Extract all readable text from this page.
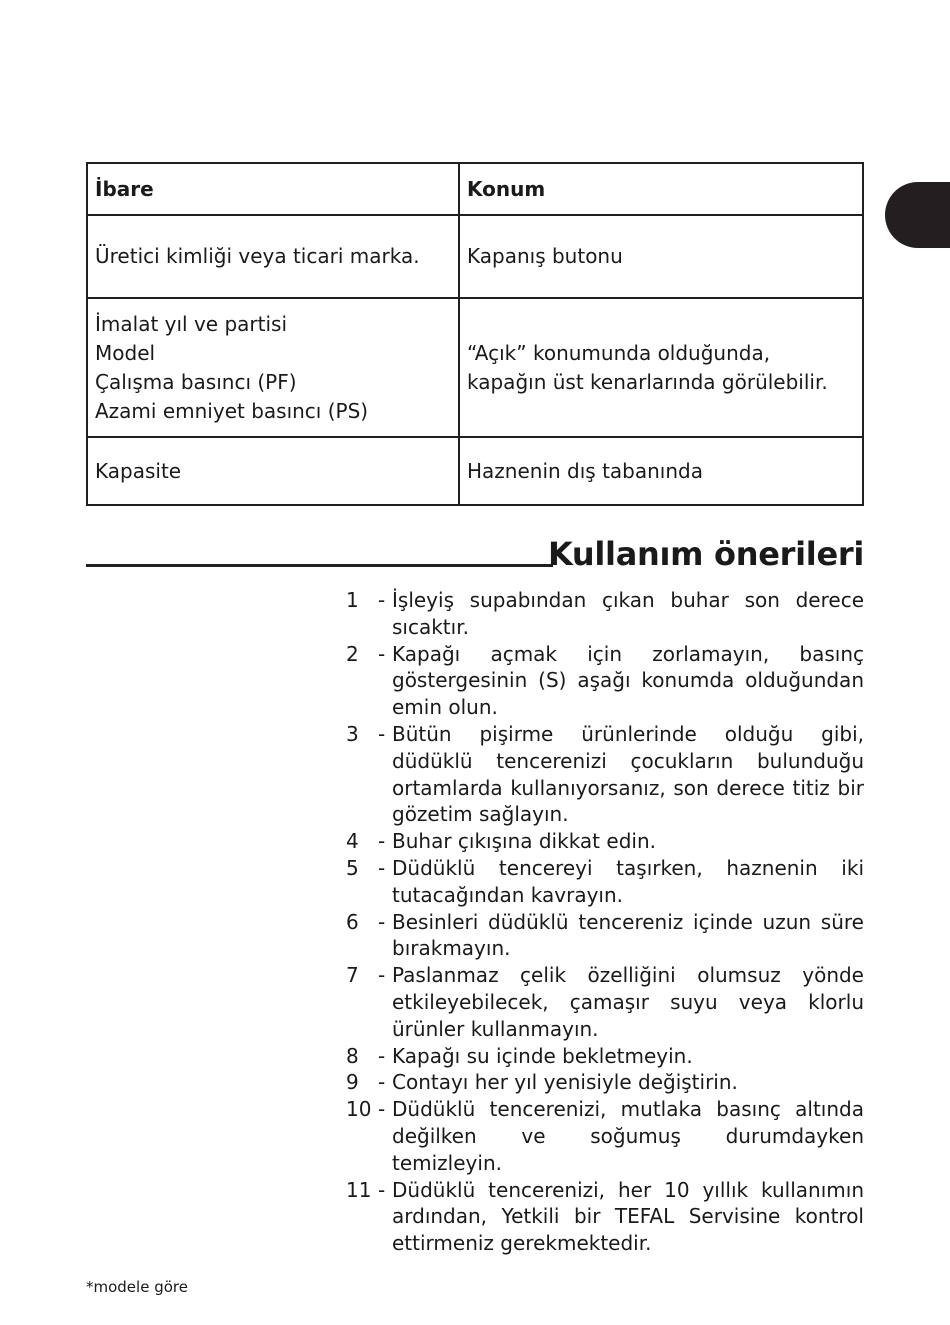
İbare	Konum

Üretici kimliği veya ticari marka.	Kapanış butonu

İmalat yıl ve partisi
Model
Çalışma basıncı (PF)
Azami emniyet basıncı (PS)	“Açık” konumunda olduğunda, kapağın üst kenarlarında görülebilir.

Kapasite	Haznenin dış tabanında
Kullanım önerileri
1 - İşleyiş supabından çıkan buhar son derece sıcaktır.
2 - Kapağı açmak için zorlamayın, basınç göstergesinin (S) aşağı konumda olduğundan emin olun.
3 - Bütün pişirme ürünlerinde olduğu gibi, düdüklü tencerenizi çocukların bulunduğu ortamlarda kullanıyorsanız, son derece titiz bir gözetim sağlayın.
4 - Buhar çıkışına dikkat edin.
5 - Düdüklü tencereyi taşırken, haznenin iki tutacağından kavrayın.
6 - Besinleri düdüklü tencereniz içinde uzun süre bırakmayın.
7 - Paslanmaz çelik özelliğini olumsuz yönde etkileyebilecek, çamaşır suyu veya klorlu ürünler kullanmayın.
8 - Kapağı su içinde bekletmeyin.
9 - Contayı her yıl yenisiyle değiştirin.
10 - Düdüklü tencerenizi, mutlaka basınç altında değilken ve soğumuş durumdayken temizleyin.
11 - Düdüklü tencerenizi, her 10 yıllık kullanımın ardından, Yetkili bir TEFAL Servisine kontrol ettirmeniz gerekmektedir.
*modele göre
